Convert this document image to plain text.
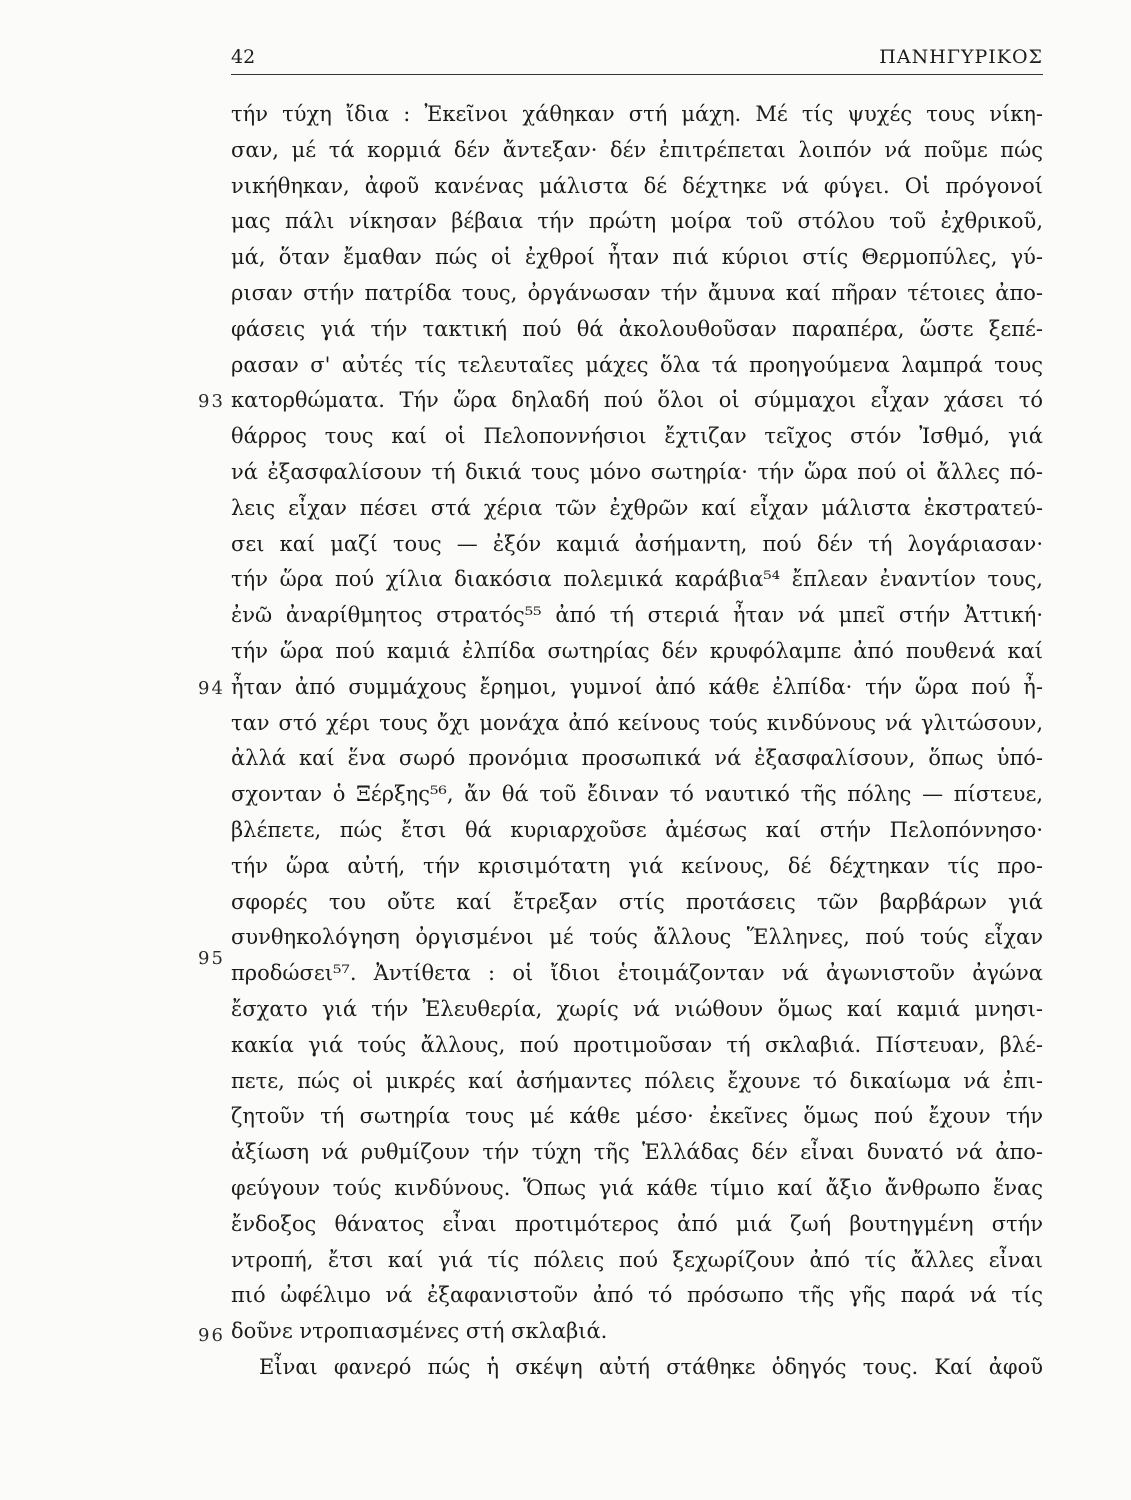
42	ΠΑΝΗΓΥΡΙΚΟΣ
93
94
95
96
τήν τύχη ἴδια : Ἐκεῖνοι χάθηκαν στή μάχη. Μέ τίς ψυχές τους νίκη-
σαν, μέ τά κορμιά δέν ἄντεξαν· δέν ἐπιτρέπεται λοιπόν νά ποῦμε πώς
νικήθηκαν, ἀφοῦ κανένας μάλιστα δέ δέχτηκε νά φύγει. Οἱ πρόγονοί
μας πάλι νίκησαν βέβαια τήν πρώτη μοίρα τοῦ στόλου τοῦ ἐχθρικοῦ,
μά, ὅταν ἔμαθαν πώς οἱ ἐχθροί ἦταν πιά κύριοι στίς Θερμοπύλες, γύ-
ρισαν στήν πατρίδα τους, ὀργάνωσαν τήν ἄμυνα καί πῆραν τέτοιες ἀπο-
φάσεις γιά τήν τακτική πού θά ἀκολουθοῦσαν παραπέρα, ὥστε ξεπέ-
ρασαν σ' αὐτές τίς τελευταῖες μάχες ὅλα τά προηγούμενα λαμπρά τους
κατορθώματα. Τήν ὥρα δηλαδή πού ὅλοι οἱ σύμμαχοι εἶχαν χάσει τό
θάρρος τους καί οἱ Πελοποννήσιοι ἔχτιζαν τεῖχος στόν Ἰσθμό, γιά
νά ἐξασφαλίσουν τή δικιά τους μόνο σωτηρία· τήν ὥρα πού οἱ ἄλλες πό-
λεις εἶχαν πέσει στά χέρια τῶν ἐχθρῶν καί εἶχαν μάλιστα ἐκστρατεύ-
σει καί μαζί τους — ἐξόν καμιά ἀσήμαντη, πού δέν τή λογάριασαν·
τήν ὥρα πού χίλια διακόσια πολεμικά καράβια⁵⁴ ἔπλεαν ἐναντίον τους,
ἐνῶ ἀναρίθμητος στρατός⁵⁵ ἀπό τή στεριά ἦταν νά μπεῖ στήν Ἀττική·
τήν ὥρα πού καμιά ἐλπίδα σωτηρίας δέν κρυφόλαμπε ἀπό πουθενά καί
ἦταν ἀπό συμμάχους ἔρημοι, γυμνοί ἀπό κάθε ἐλπίδα· τήν ὥρα πού ἦ-
ταν στό χέρι τους ὄχι μονάχα ἀπό κείνους τούς κινδύνους νά γλιτώσουν,
ἀλλά καί ἕνα σωρό προνόμια προσωπικά νά ἐξασφαλίσουν, ὅπως ὑπό-
σχονταν ὁ Ξέρξης⁵⁶, ἄν θά τοῦ ἔδιναν τό ναυτικό τῆς πόλης — πίστευε,
βλέπετε, πώς ἔτσι θά κυριαρχοῦσε ἀμέσως καί στήν Πελοπόννησο·
τήν ὥρα αὐτή, τήν κρισιμότατη γιά κείνους, δέ δέχτηκαν τίς προ-
σφορές του οὔτε καί ἔτρεξαν στίς προτάσεις τῶν βαρβάρων γιά
συνθηκολόγηση ὀργισμένοι μέ τούς ἄλλους Ἕλληνες, πού τούς εἶχαν
προδώσει⁵⁷. Ἀντίθετα : οἱ ἴδιοι ἑτοιμάζονταν νά ἀγωνιστοῦν ἀγώνα
ἔσχατο γιά τήν Ἐλευθερία, χωρίς νά νιώθουν ὅμως καί καμιά μνησι-
κακία γιά τούς ἄλλους, πού προτιμοῦσαν τή σκλαβιά. Πίστευαν, βλέ-
πετε, πώς οἱ μικρές καί ἀσήμαντες πόλεις ἔχουνε τό δικαίωμα νά ἐπι-
ζητοῦν τή σωτηρία τους μέ κάθε μέσο· ἐκεῖνες ὅμως πού ἔχουν τήν
ἀξίωση νά ρυθμίζουν τήν τύχη τῆς Ἑλλάδας δέν εἶναι δυνατό νά ἀπο-
φεύγουν τούς κινδύνους. Ὅπως γιά κάθε τίμιο καί ἄξιο ἄνθρωπο ἕνας
ἔνδοξος θάνατος εἶναι προτιμότερος ἀπό μιά ζωή βουτηγμένη στήν
ντροπή, ἔτσι καί γιά τίς πόλεις πού ξεχωρίζουν ἀπό τίς ἄλλες εἶναι
πιό ὠφέλιμο νά ἐξαφανιστοῦν ἀπό τό πρόσωπο τῆς γῆς παρά νά τίς
δοῦνε ντροπιασμένες στή σκλαβιά.
Εἶναι φανερό πώς ἡ σκέψη αὐτή στάθηκε ὁδηγός τους. Καί ἀφοῦ
